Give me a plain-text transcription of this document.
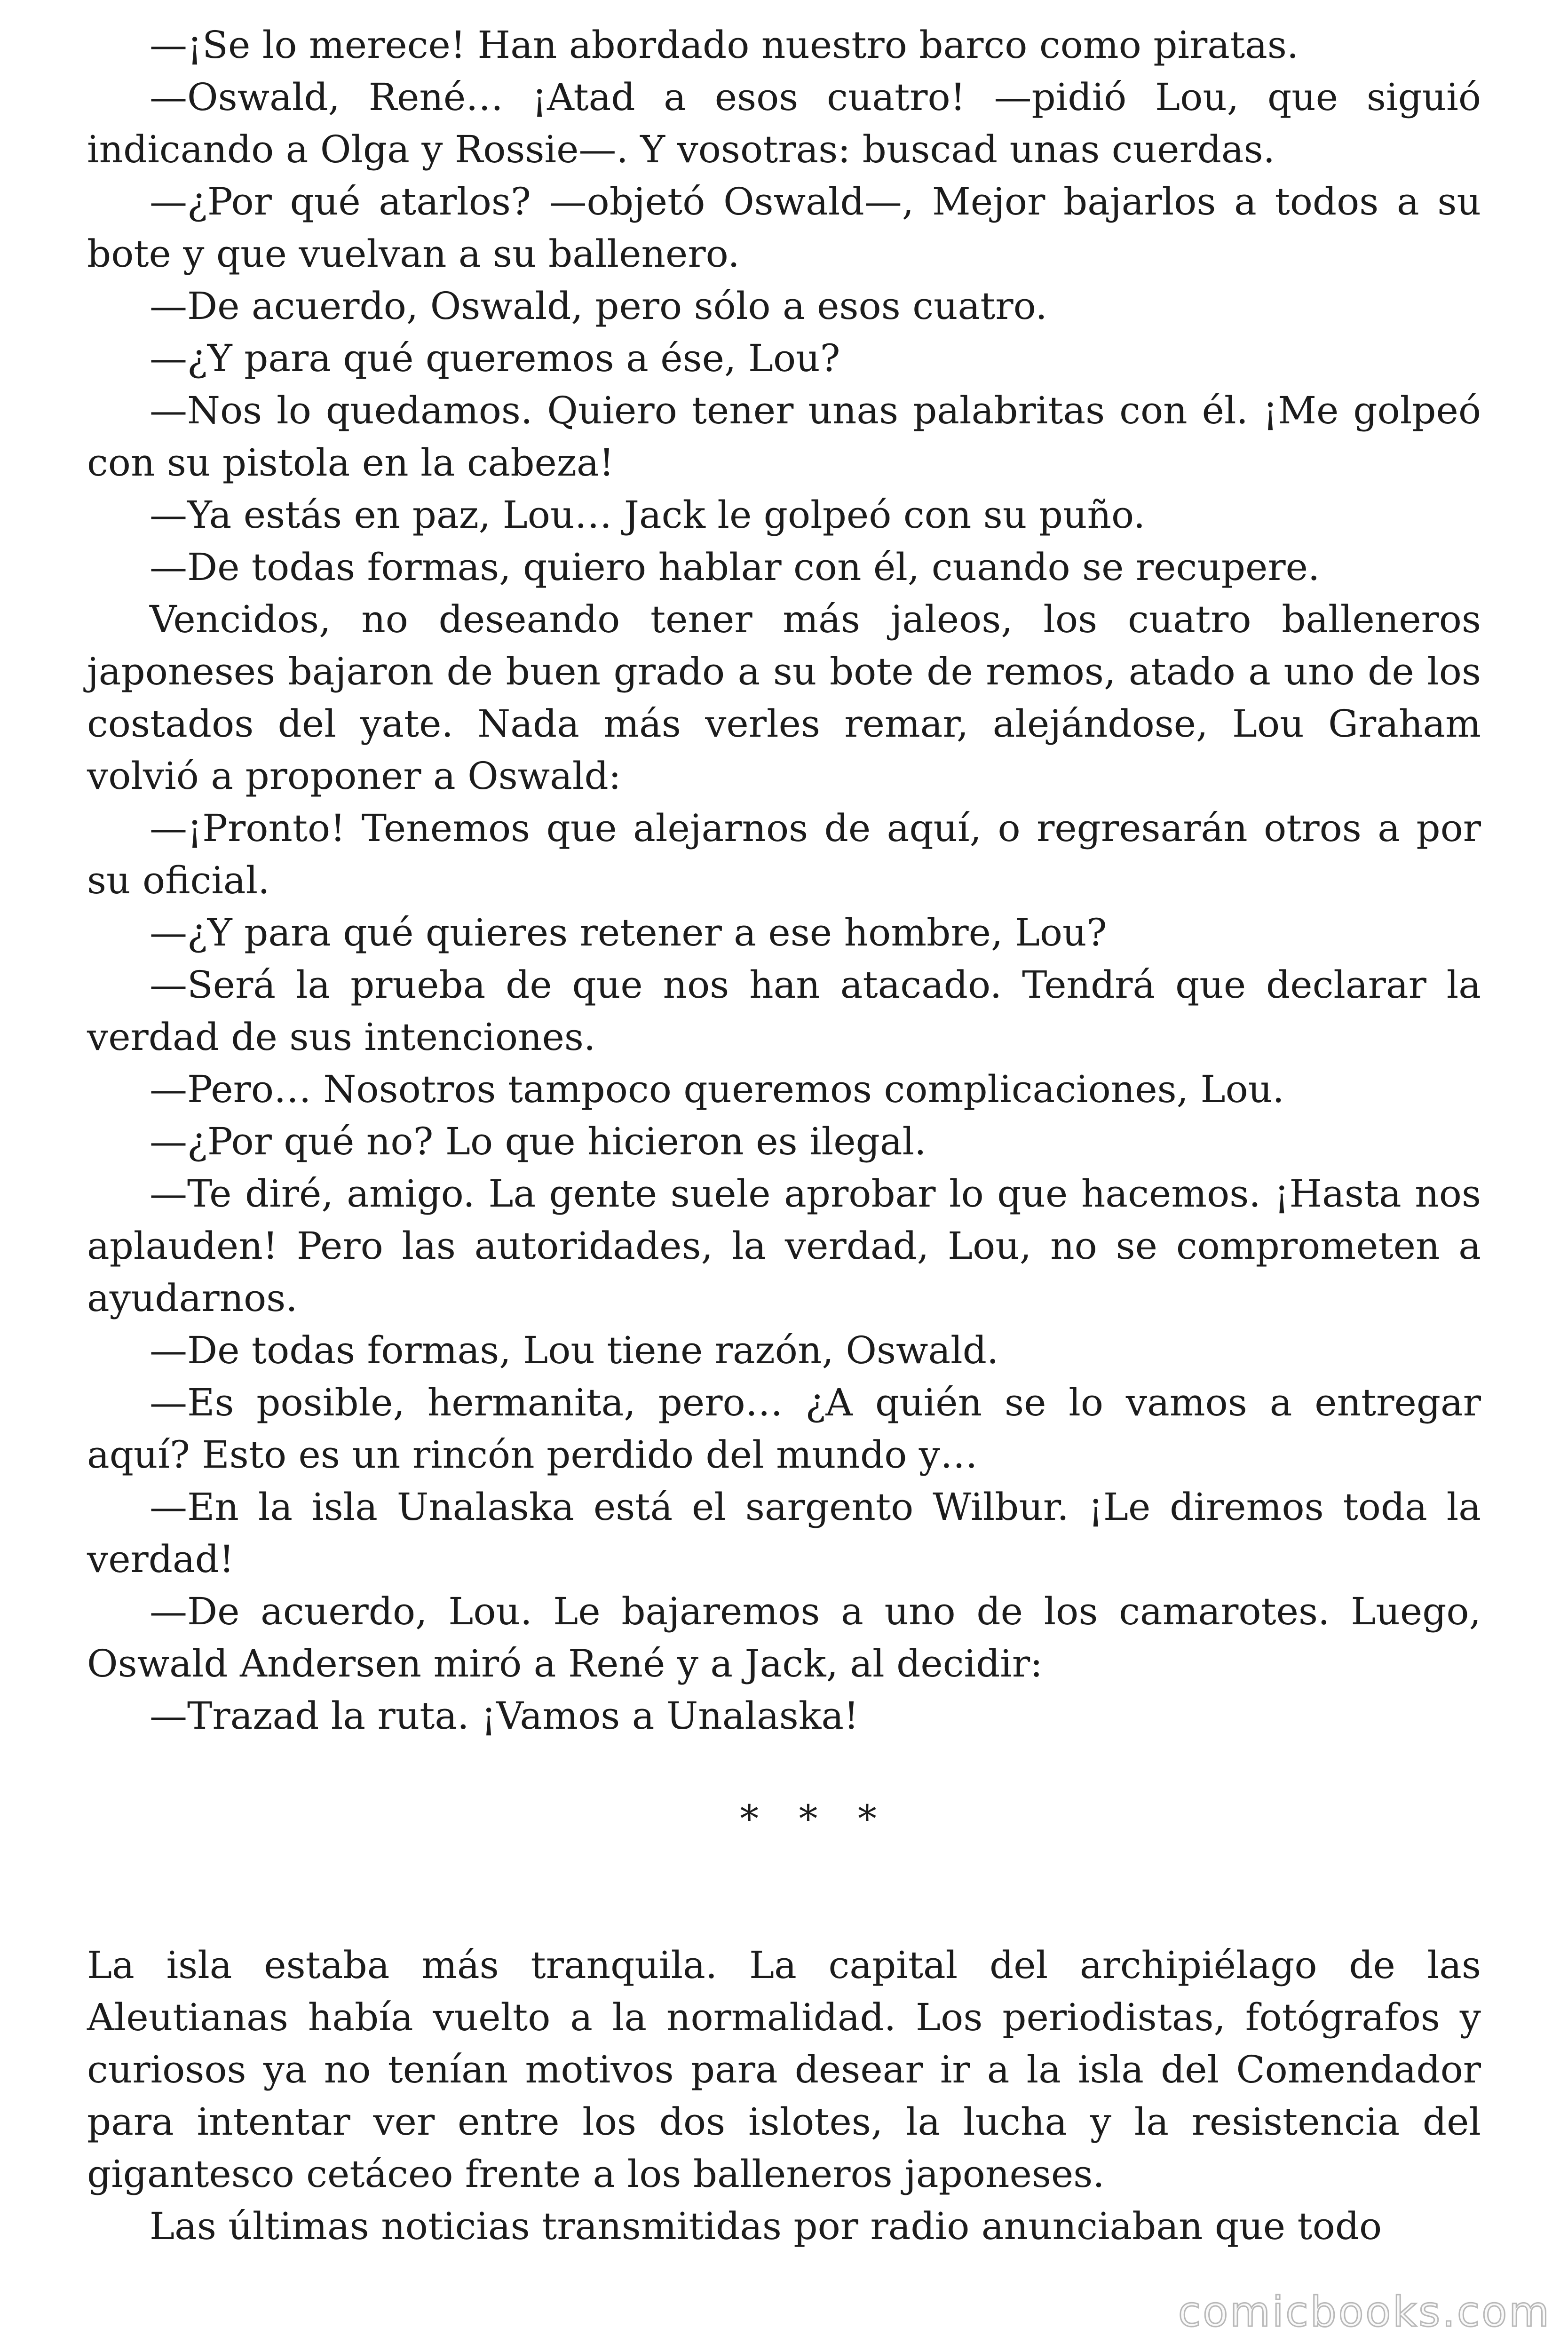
—¡Se lo merece! Han abordado nuestro barco como piratas.

—Oswald, René… ¡Atad a esos cuatro! —pidió Lou, que siguió indicando a Olga y Rossie—. Y vosotras: buscad unas cuerdas.

—¿Por qué atarlos? —objetó Oswald—, Mejor bajarlos a todos a su bote y que vuelvan a su ballenero.

—De acuerdo, Oswald, pero sólo a esos cuatro.

—¿Y para qué queremos a ése, Lou?

—Nos lo quedamos. Quiero tener unas palabritas con él. ¡Me golpeó con su pistola en la cabeza!

—Ya estás en paz, Lou… Jack le golpeó con su puño.

—De todas formas, quiero hablar con él, cuando se recupere.

Vencidos, no deseando tener más jaleos, los cuatro balleneros japoneses bajaron de buen grado a su bote de remos, atado a uno de los costados del yate. Nada más verles remar, alejándose, Lou Graham volvió a proponer a Oswald:

—¡Pronto! Tenemos que alejarnos de aquí, o regresarán otros a por su oficial.

—¿Y para qué quieres retener a ese hombre, Lou?

—Será la prueba de que nos han atacado. Tendrá que declarar la verdad de sus intenciones.

—Pero… Nosotros tampoco queremos complicaciones, Lou.

—¿Por qué no? Lo que hicieron es ilegal.

—Te diré, amigo. La gente suele aprobar lo que hacemos. ¡Hasta nos aplauden! Pero las autoridades, la verdad, Lou, no se comprometen a ayudarnos.

—De todas formas, Lou tiene razón, Oswald.

—Es posible, hermanita, pero… ¿A quién se lo vamos a entregar aquí? Esto es un rincón perdido del mundo y…

—En la isla Unalaska está el sargento Wilbur. ¡Le diremos toda la verdad!

—De acuerdo, Lou. Le bajaremos a uno de los camarotes. Luego, Oswald Andersen miró a René y a Jack, al decidir:

—Trazad la ruta. ¡Vamos a Unalaska!

* * *

La isla estaba más tranquila. La capital del archipiélago de las Aleutianas había vuelto a la normalidad. Los periodistas, fotógrafos y curiosos ya no tenían motivos para desear ir a la isla del Comendador para intentar ver entre los dos islotes, la lucha y la resistencia del gigantesco cetáceo frente a los balleneros japoneses.

Las últimas noticias transmitidas por radio anunciaban que todo

comicbooks.com
